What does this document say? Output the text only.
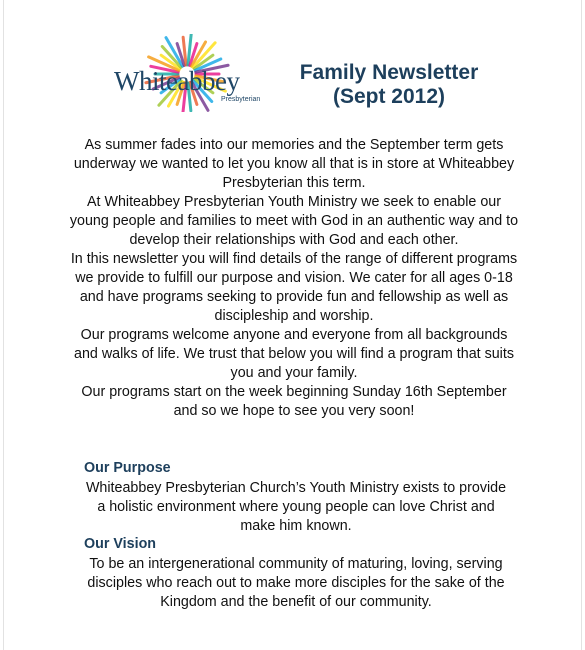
Whiteabbey
Presbyterian
Family Newsletter
(Sept 2012)

As summer fades into our memories and the September term gets underway we wanted to let you know all that is in store at Whiteabbey Presbyterian this term.

At Whiteabbey Presbyterian Youth Ministry we seek to enable our young people and families to meet with God in an authentic way and to develop their relationships with God and each other.

In this newsletter you will find details of the range of different programs we provide to fulfill our purpose and vision. We cater for all ages 0-18 and have programs seeking to provide fun and fellowship as well as discipleship and worship.

Our programs welcome anyone and everyone from all backgrounds and walks of life. We trust that below you will find a program that suits you and your family.

Our programs start on the week beginning Sunday 16th September and so we hope to see you very soon!

Our Purpose
Whiteabbey Presbyterian Church’s Youth Ministry exists to provide a holistic environment where young people can love Christ and make him known.
Our Vision
To be an intergenerational community of maturing, loving, serving disciples who reach out to make more disciples for the sake of the Kingdom and the benefit of our community.
